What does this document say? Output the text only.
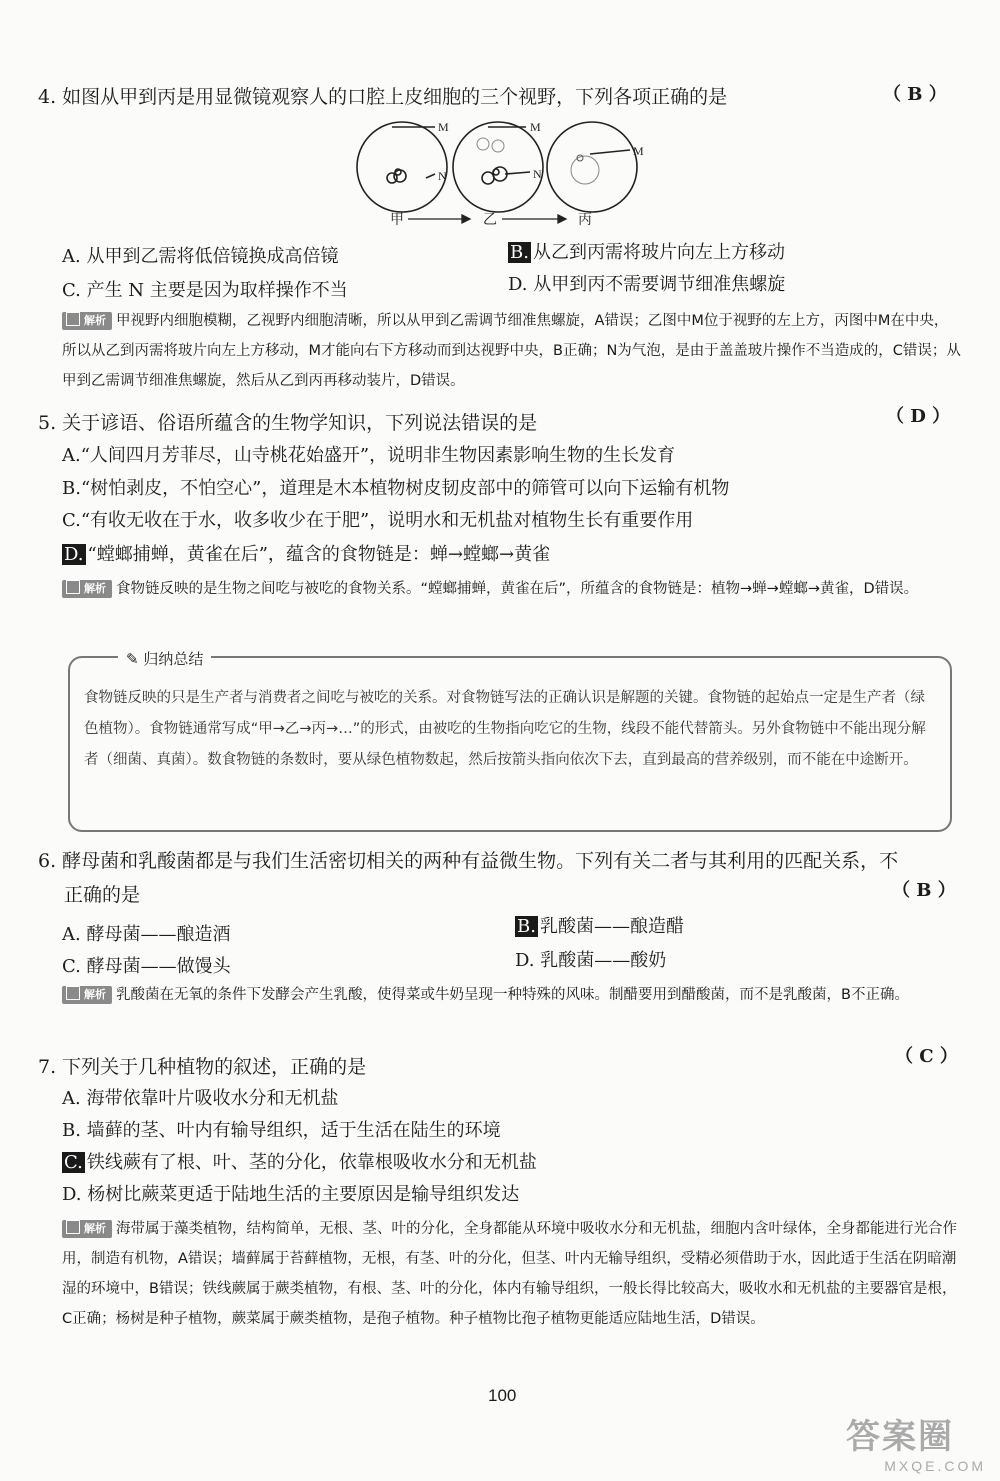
4. 如图从甲到丙是用显微镜观察人的口腔上皮细胞的三个视野，下列各项正确的是	（ B ）
M
N
M
N
M
甲	乙	丙
A. 从甲到乙需将低倍镜换成高倍镜	B. 从乙到丙需将玻片向左上方移动
C. 产生 N 主要是因为取样操作不当	D. 从甲到丙不需要调节细准焦螺旋
解析 甲视野内细胞模糊，乙视野内细胞清晰，所以从甲到乙需调节细准焦螺旋，A错误；乙图中M位于视野的左上方，丙图中M在中央，所以从乙到丙需将玻片向左上方移动，M才能向右下方移动而到达视野中央，B正确；N为气泡，是由于盖盖玻片操作不当造成的，C错误；从甲到乙需调节细准焦螺旋，然后从乙到丙再移动装片，D错误。
5. 关于谚语、俗语所蕴含的生物学知识，下列说法错误的是	（ D ）
A.“人间四月芳菲尽，山寺桃花始盛开”，说明非生物因素影响生物的生长发育
B.“树怕剥皮，不怕空心”，道理是木本植物树皮韧皮部中的筛管可以向下运输有机物
C.“有收无收在于水，收多收少在于肥”，说明水和无机盐对植物生长有重要作用
D. “螳螂捕蝉，黄雀在后”，蕴含的食物链是：蝉→螳螂→黄雀
解析 食物链反映的是生物之间吃与被吃的食物关系。“螳螂捕蝉，黄雀在后”，所蕴含的食物链是：植物→蝉→螳螂→黄雀，D错误。
✎ 归纳总结
食物链反映的只是生产者与消费者之间吃与被吃的关系。对食物链写法的正确认识是解题的关键。食物链的起始点一定是生产者（绿色植物）。食物链通常写成“甲→乙→丙→…”的形式，由被吃的生物指向吃它的生物，线段不能代替箭头。另外食物链中不能出现分解者（细菌、真菌）。数食物链的条数时，要从绿色植物数起，然后按箭头指向依次下去，直到最高的营养级别，而不能在中途断开。
6. 酵母菌和乳酸菌都是与我们生活密切相关的两种有益微生物。下列有关二者与其利用的匹配关系，不
正确的是	（ B ）
A. 酵母菌——酿造酒	B. 乳酸菌——酿造醋
C. 酵母菌——做馒头	D. 乳酸菌——酸奶
解析 乳酸菌在无氧的条件下发酵会产生乳酸，使得菜或牛奶呈现一种特殊的风味。制醋要用到醋酸菌，而不是乳酸菌，B不正确。
7. 下列关于几种植物的叙述，正确的是	（ C ）
A. 海带依靠叶片吸收水分和无机盐
B. 墙藓的茎、叶内有输导组织，适于生活在陆生的环境
C. 铁线蕨有了根、叶、茎的分化，依靠根吸收水分和无机盐
D. 杨树比蕨菜更适于陆地生活的主要原因是输导组织发达
解析 海带属于藻类植物，结构简单，无根、茎、叶的分化，全身都能从环境中吸收水分和无机盐，细胞内含叶绿体，全身都能进行光合作用，制造有机物，A错误；墙藓属于苔藓植物，无根，有茎、叶的分化，但茎、叶内无输导组织，受精必须借助于水，因此适于生活在阴暗潮湿的环境中，B错误；铁线蕨属于蕨类植物，有根、茎、叶的分化，体内有输导组织，一般长得比较高大，吸收水和无机盐的主要器官是根，C正确；杨树是种子植物，蕨菜属于蕨类植物，是孢子植物。种子植物比孢子植物更能适应陆地生活，D错误。
100
答案圈
MXQE.COM
